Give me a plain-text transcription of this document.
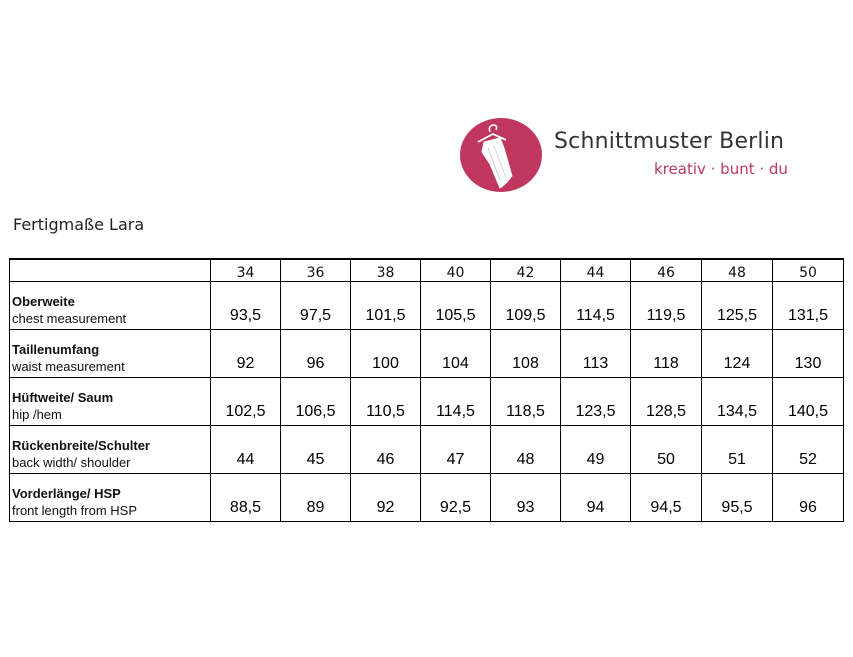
Schnittmuster Berlin
kreativ · bunt · du
Fertigmaße Lara
	34	36	38	40	42	44	46	48	50

Oberweite
chest measurement	93,5	97,5	101,5	105,5	109,5	114,5	119,5	125,5	131,5

Taillenumfang
waist measurement	92	96	100	104	108	113	118	124	130

Hüftweite/ Saum
hip /hem	102,5	106,5	110,5	114,5	118,5	123,5	128,5	134,5	140,5

Rückenbreite/Schulter
back width/ shoulder	44	45	46	47	48	49	50	51	52

Vorderlänge/ HSP
front length from HSP	88,5	89	92	92,5	93	94	94,5	95,5	96
